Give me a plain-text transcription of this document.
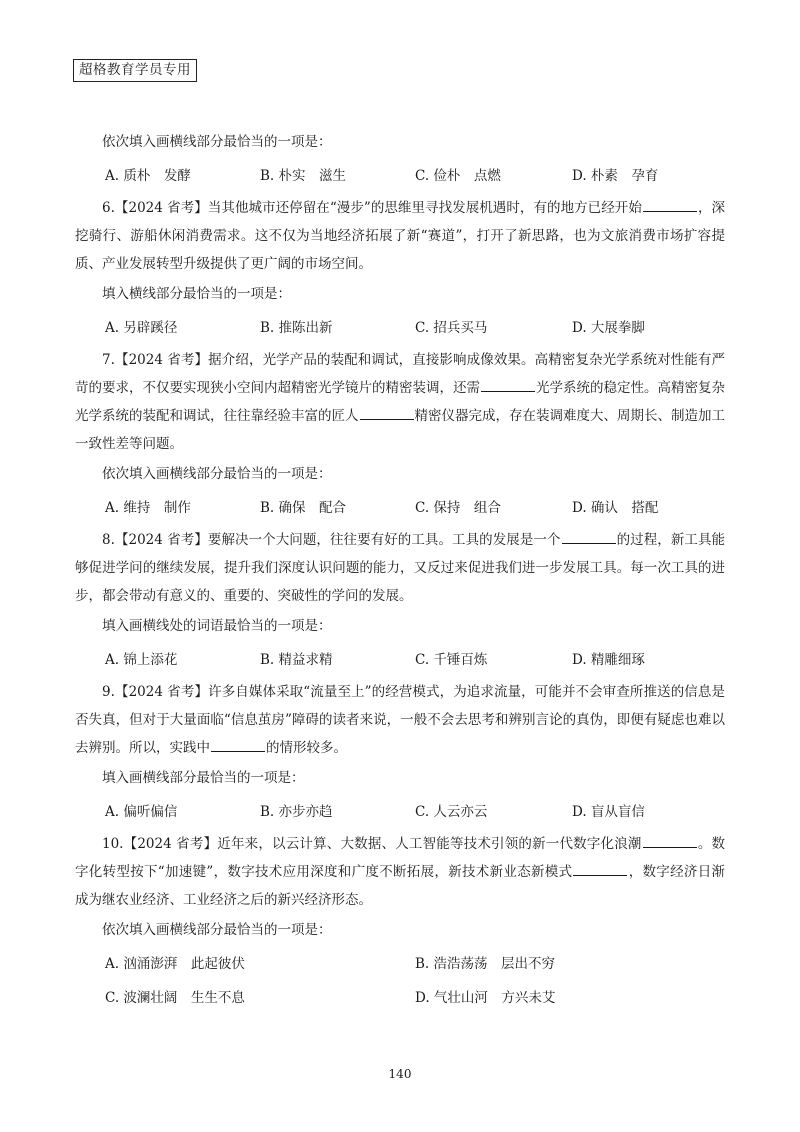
超格教育学员专用
依次填入画横线部分最恰当的一项是：
A. 质朴　发酵	B. 朴实　滋生	C. 俭朴　点燃	D. 朴素　孕育
6.【2024 省考】当其他城市还停留在“漫步”的思维里寻找发展机遇时，有的地方已经开始	，深挖骑行、游船休闲消费需求。这不仅为当地经济拓展了新“赛道”，打开了新思路，也为文旅消费市场扩容提质、产业发展转型升级提供了更广阔的市场空间。
填入横线部分最恰当的一项是：
A. 另辟蹊径	B. 推陈出新	C. 招兵买马	D. 大展拳脚
7.【2024 省考】据介绍，光学产品的装配和调试，直接影响成像效果。高精密复杂光学系统对性能有严苛的要求，不仅要实现狭小空间内超精密光学镜片的精密装调，还需	光学系统的稳定性。高精密复杂光学系统的装配和调试，往往靠经验丰富的匠人	精密仪器完成，存在装调难度大、周期长、制造加工一致性差等问题。
依次填入画横线部分最恰当的一项是：
A. 维持　制作	B. 确保　配合	C. 保持　组合	D. 确认　搭配
8.【2024 省考】要解决一个大问题，往往要有好的工具。工具的发展是一个	的过程，新工具能够促进学问的继续发展，提升我们深度认识问题的能力，又反过来促进我们进一步发展工具。每一次工具的进步，都会带动有意义的、重要的、突破性的学问的发展。
填入画横线处的词语最恰当的一项是：
A. 锦上添花	B. 精益求精	C. 千锤百炼	D. 精雕细琢
9.【2024 省考】许多自媒体采取“流量至上”的经营模式，为追求流量，可能并不会审查所推送的信息是否失真，但对于大量面临“信息茧房”障碍的读者来说，一般不会去思考和辨别言论的真伪，即便有疑虑也难以去辨别。所以，实践中	的情形较多。
填入画横线部分最恰当的一项是：
A. 偏听偏信	B. 亦步亦趋	C. 人云亦云	D. 盲从盲信
10.【2024 省考】近年来，以云计算、大数据、人工智能等技术引领的新一代数字化浪潮	。数字化转型按下“加速键”，数字技术应用深度和广度不断拓展，新技术新业态新模式	，数字经济日渐成为继农业经济、工业经济之后的新兴经济形态。
依次填入画横线部分最恰当的一项是：
A. 汹涌澎湃　此起彼伏	B. 浩浩荡荡　层出不穷
C. 波澜壮阔　生生不息	D. 气壮山河　方兴未艾
140
